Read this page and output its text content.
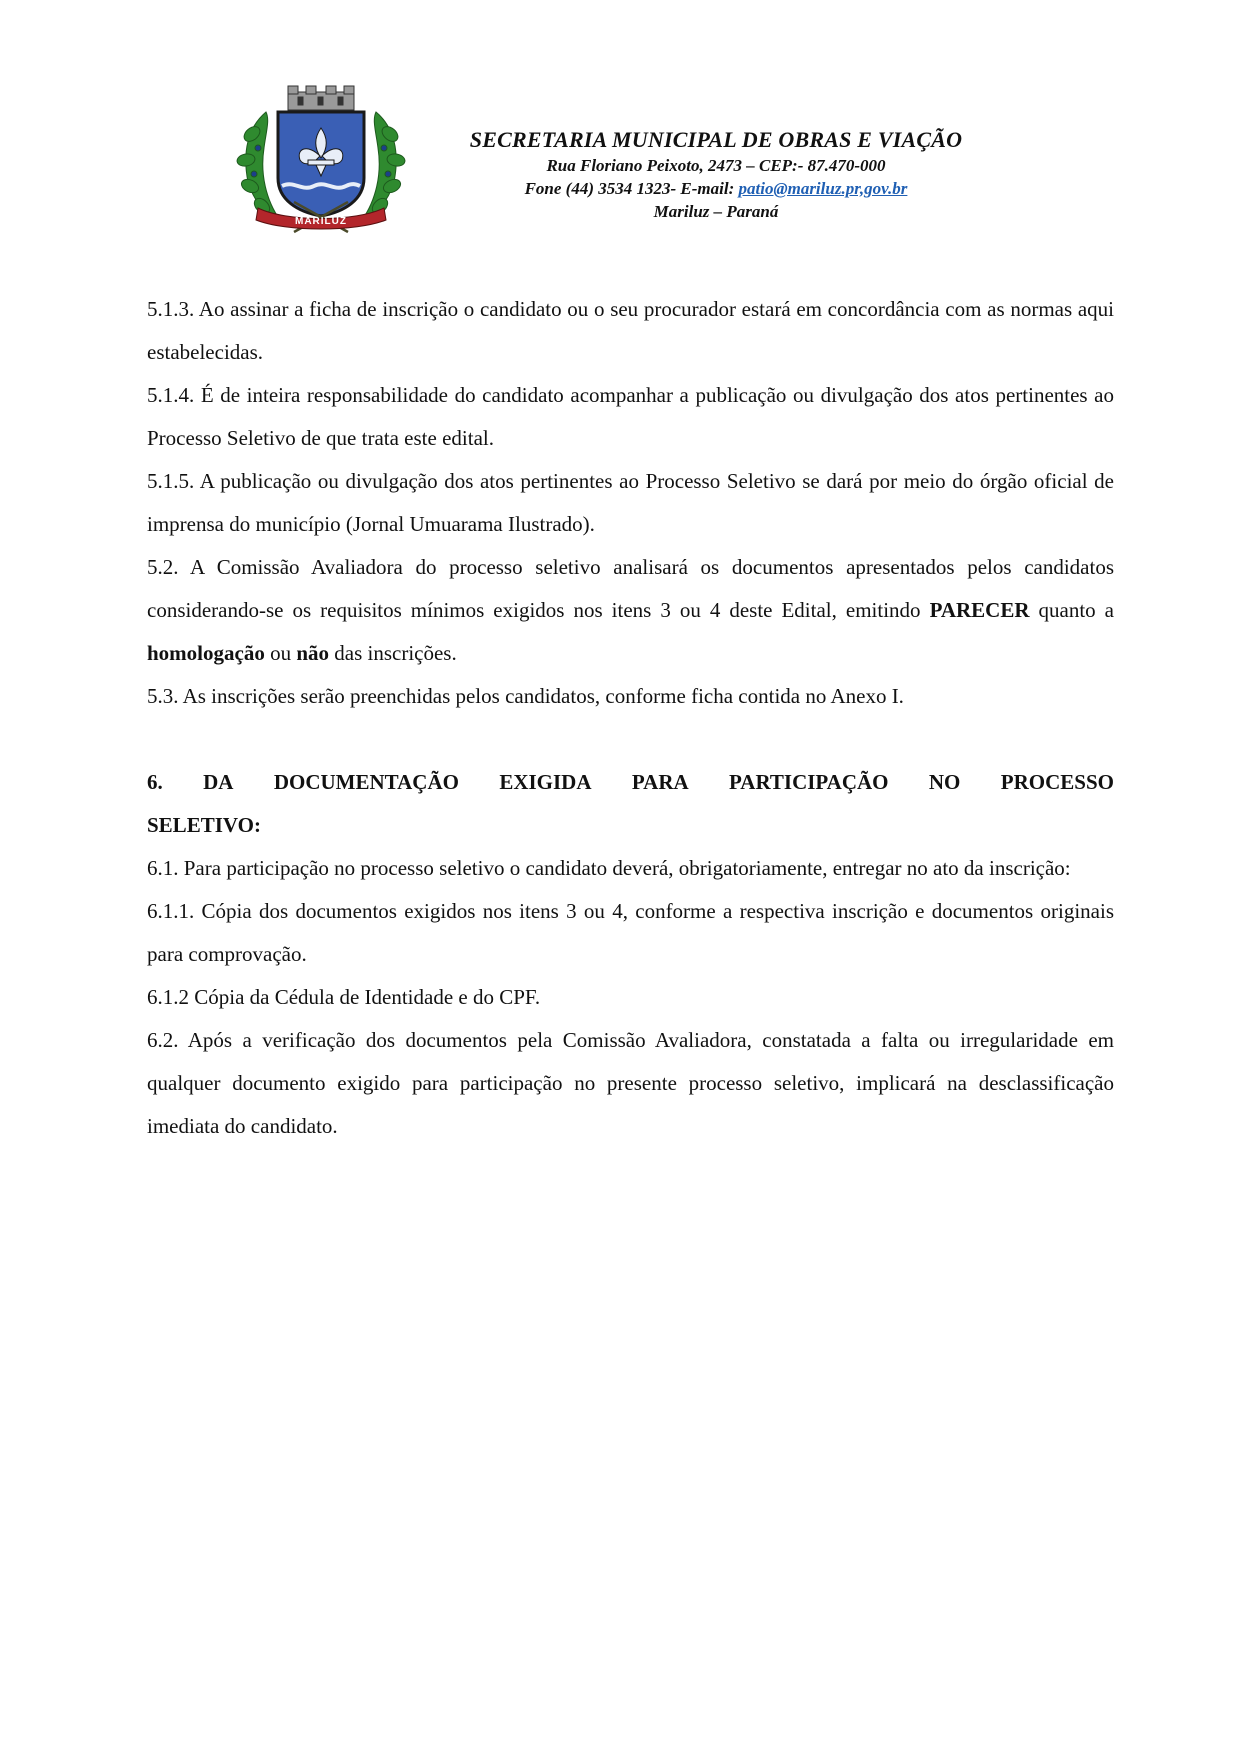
MARILUZ
SECRETARIA MUNICIPAL DE OBRAS E VIAÇÃO
Rua Floriano Peixoto, 2473 – CEP:- 87.470-000
Fone (44) 3534 1323- E-mail: patio@mariluz.pr,gov.br
Mariluz – Paraná

5.1.3. Ao assinar a ficha de inscrição o candidato ou o seu procurador estará em concordância com as normas aqui estabelecidas.

5.1.4. É de inteira responsabilidade do candidato acompanhar a publicação ou divulgação dos atos pertinentes ao Processo Seletivo de que trata este edital.

5.1.5. A publicação ou divulgação dos atos pertinentes ao Processo Seletivo se dará por meio do órgão oficial de imprensa do município (Jornal Umuarama Ilustrado).

5.2. A Comissão Avaliadora do processo seletivo analisará os documentos apresentados pelos candidatos considerando-se os requisitos mínimos exigidos nos itens 3 ou 4 deste Edital, emitindo PARECER quanto a homologação ou não das inscrições.

5.3. As inscrições serão preenchidas pelos candidatos, conforme ficha contida no Anexo I.

6. DA DOCUMENTAÇÃO EXIGIDA PARA PARTICIPAÇÃO NO PROCESSO
SELETIVO:

6.1. Para participação no processo seletivo o candidato deverá, obrigatoriamente, entregar no ato da inscrição:

6.1.1. Cópia dos documentos exigidos nos itens 3 ou 4, conforme a respectiva inscrição e documentos originais para comprovação.

6.1.2 Cópia da Cédula de Identidade e do CPF.

6.2. Após a verificação dos documentos pela Comissão Avaliadora, constatada a falta ou irregularidade em qualquer documento exigido para participação no presente processo seletivo, implicará na desclassificação imediata do candidato.
